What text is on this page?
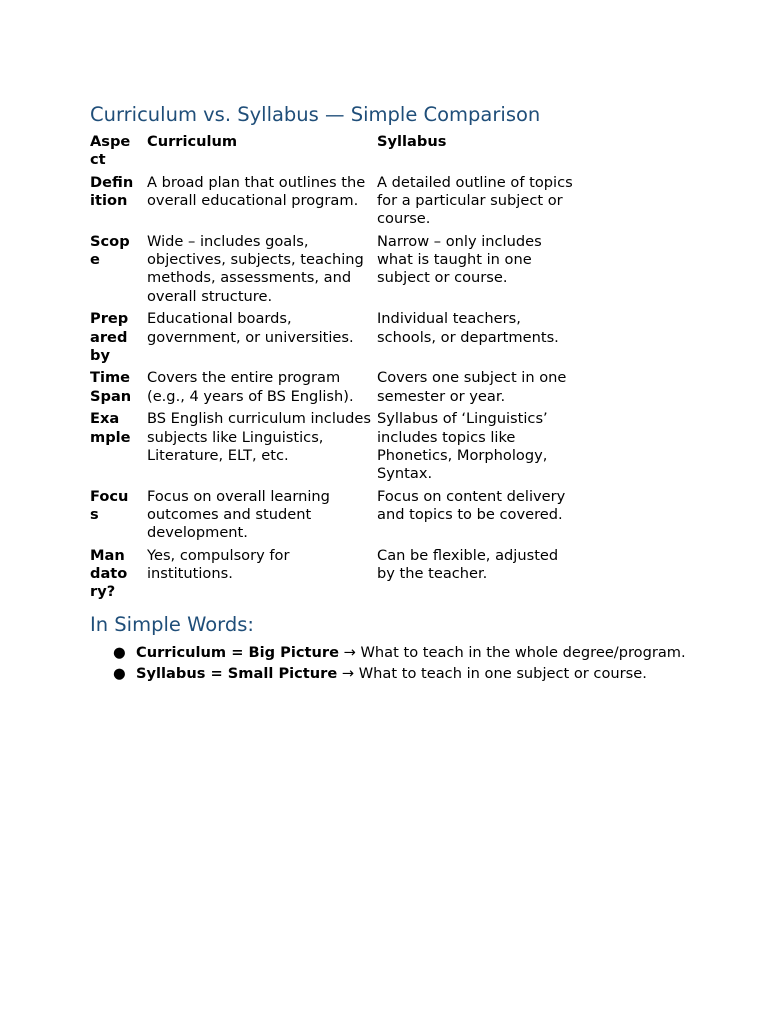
Curriculum vs. Syllabus — Simple Comparison
Aspect		Curriculum		Syllabus
Definition		A broad plan that outlines the overall educational program.		A detailed outline of topics for a particular subject or course.
Scope		Wide – includes goals, objectives, subjects, teaching methods, assessments, and overall structure.		Narrow – only includes what is taught in one subject or course.
Prepared by		Educational boards, government, or universities.		Individual teachers, schools, or departments.
Time Span		Covers the entire program (e.g., 4 years of BS English).		Covers one subject in one semester or year.
Example		BS English curriculum includes subjects like Linguistics, Literature, ELT, etc.		Syllabus of ‘Linguistics’ includes topics like Phonetics, Morphology, Syntax.
Focus		Focus on overall learning outcomes and student development.		Focus on content delivery and topics to be covered.
Mandatory?		Yes, compulsory for institutions.		Can be flexible, adjusted by the teacher.
In Simple Words:
● Curriculum = Big Picture → What to teach in the whole degree/program.
● Syllabus = Small Picture → What to teach in one subject or course.
